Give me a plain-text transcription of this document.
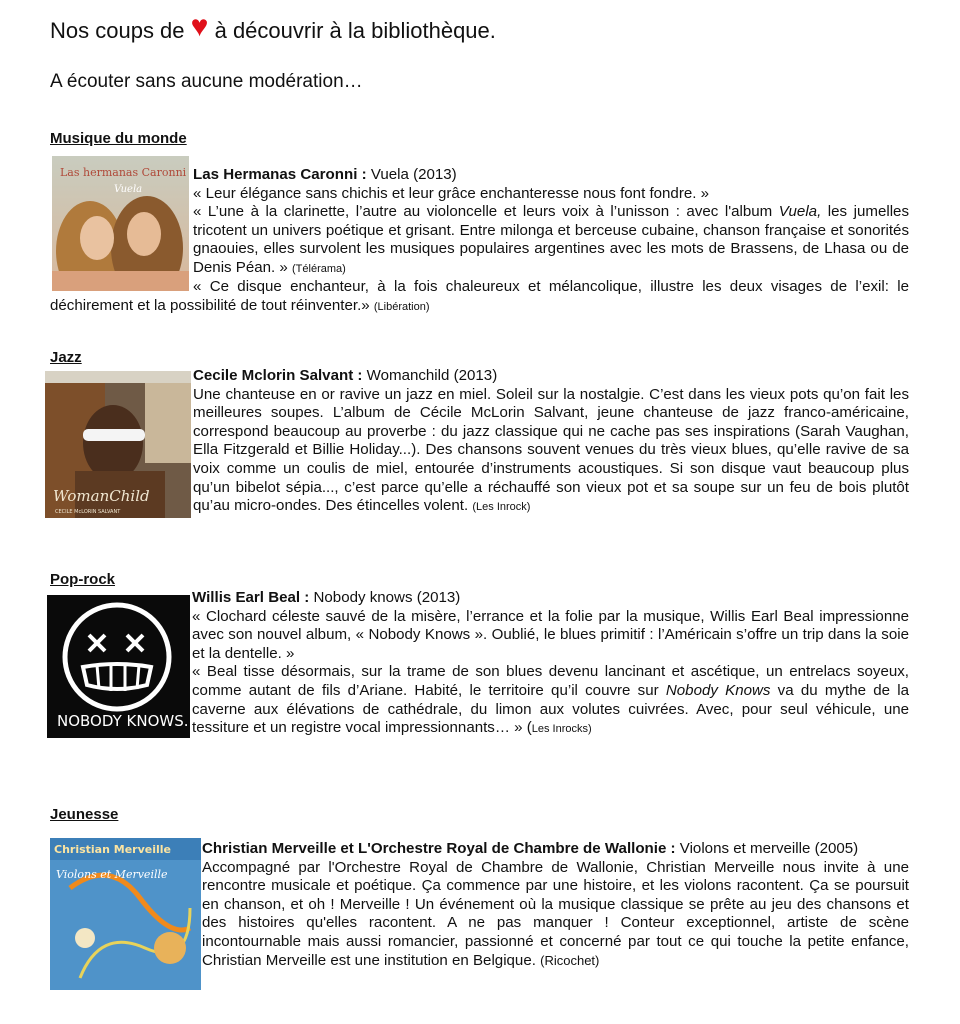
Nos coups de ♥ à découvrir à la bibliothèque.
A écouter sans aucune modération…
Musique du monde
Las hermanas Caronni
Vuela

Las Hermanas Caronni : Vuela (2013)

« Leur élégance sans chichis et leur grâce enchanteresse nous font fondre. »

« L’une à la clarinette, l’autre au violoncelle et leurs voix à l’unisson : avec l'album Vuela, les jumelles tricotent un univers poétique et grisant. Entre milonga et berceuse cubaine, chanson française et sonorités gnaouies, elles survolent les musiques populaires argentines avec les mots de Brassens, de Lhasa ou de Denis Péan. » (Télérama)

« Ce disque enchanteur, à la fois chaleureux et mélancolique, illustre les deux visages de l’exil: le déchirement et la possibilité de tout réinventer.» (Libération)

Jazz
WomanChild
CECILE McLORIN SALVANT

Cecile Mclorin Salvant : Womanchild (2013)

Une chanteuse en or ravive un jazz en miel. Soleil sur la nostalgie. C’est dans les vieux pots qu’on fait les meilleures soupes. L’album de Cécile McLorin Salvant, jeune chanteuse de jazz franco-américaine, correspond beaucoup au proverbe : du jazz classique qui ne cache pas ses inspirations (Sarah Vaughan, Ella Fitzgerald et Billie Holiday...). Des chansons souvent venues du très vieux blues, qu’elle ravive de sa voix comme un coulis de miel, entourée d’instruments acoustiques. Si son disque vaut beaucoup plus qu’un bibelot sépia..., c’est parce qu’elle a réchauffé son vieux pot et sa soupe sur un feu de bois plutôt qu’au micro-ondes. Des étincelles volent. (Les Inrock)

Pop-rock
NOBODY KNOWS.

Willis Earl Beal : Nobody knows (2013)

« Clochard céleste sauvé de la misère, l’errance et la folie par la musique, Willis Earl Beal impressionne avec son nouvel album, « Nobody Knows ». Oublié, le blues primitif : l’Américain s’offre un trip dans la soie et la dentelle. »

« Beal tisse désormais, sur la trame de son blues devenu lancinant et ascétique, un entrelacs soyeux, comme autant de fils d’Ariane. Habité, le territoire qu’il couvre sur Nobody Knows va du mythe de la caverne aux élévations de cathédrale, du limon aux volutes cuivrées. Avec, pour seul véhicule, une tessiture et un registre vocal impressionnants… » (Les Inrocks)

Jeunesse
Christian Merveille
Violons et Merveille

Christian Merveille et L'Orchestre Royal de Chambre de Wallonie : Violons et merveille (2005)

Accompagné par l'Orchestre Royal de Chambre de Wallonie, Christian Merveille nous invite à une rencontre musicale et poétique. Ça commence par une histoire, et les violons racontent. Ça se poursuit en chanson, et oh ! Merveille ! Un événement où la musique classique se prête au jeu des chansons et des histoires qu'elles racontent. A ne pas manquer ! Conteur exceptionnel, artiste de scène incontournable mais aussi romancier, passionné et concerné par tout ce qui touche la petite enfance, Christian Merveille est une institution en Belgique. (Ricochet)
